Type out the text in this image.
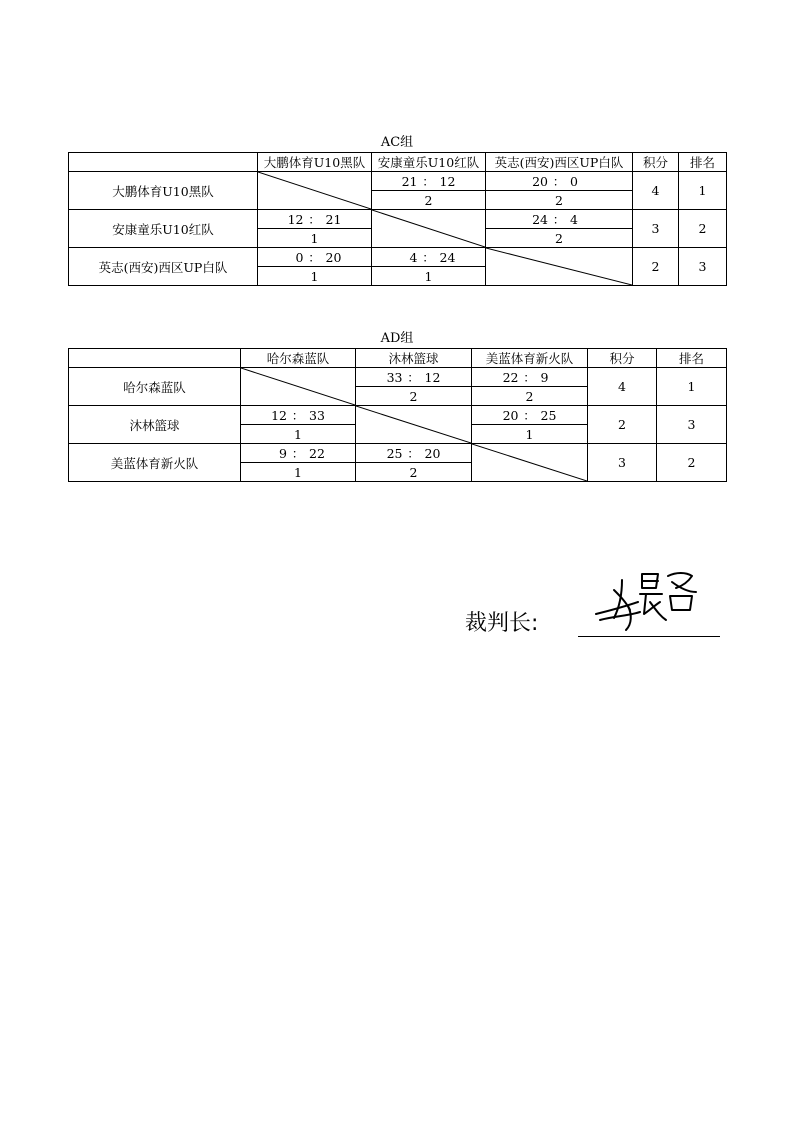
AC组
	大鹏体育U10黑队	安康童乐U10红队	英志(西安)西区UP白队	积分	排名
大鹏体育U10黑队		21 ： 12	20 ： 0	4	1
		2	2		
安康童乐U10红队	12 ： 21		24 ： 4	3	2
	1		2		
英志(西安)西区UP白队	0 ： 20	4 ： 24		2	3
	1	1			
AD组
	哈尔森蓝队	沐林篮球	美蓝体育新火队	积分	排名
哈尔森蓝队		33 ： 12	22 ： 9	4	1
		2	2		
沐林篮球	12 ： 33		20 ： 25	2	3
	1		1		
美蓝体育新火队	9 ： 22	25 ： 20		3	2
	1	2			
裁判长:
